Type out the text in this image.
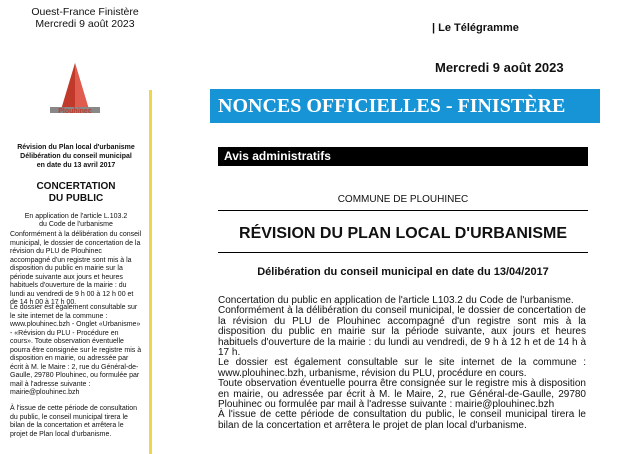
Ouest-France Finistère
Mercredi 9 août 2023
Plouhinec
Révision du Plan local d'urbanisme
Délibération du conseil municipal
en date du 13 avril 2017
CONCERTATION
DU PUBLIC
En application de l'article L.103.2
du Code de l'urbanisme
Conformément à la délibération du conseil municipal, le dossier de concertation de la révision du PLU de Plouhinec accompagné d'un registre sont mis à la disposition du public en mairie sur la période suivante aux jours et heures habituels d'ouverture de la mairie : du lundi au vendredi de 9 h 00 à 12 h 00 et de 14 h 00 à 17 h 00.
Le dossier est également consultable sur le site internet de la commune : www.plouhinec.bzh - Onglet «Urbanisme» - «Révision du PLU - Procédure en cours». Toute observation éventuelle pourra être consignée sur le registre mis à disposition en mairie, ou adressée par écrit à M. le Maire : 2, rue du Général-de-Gaulle, 29780 Plouhinec, ou formulée par mail à l'adresse suivante : mairie@plouhinec.bzh
À l'issue de cette période de consultation du public, le conseil municipal tirera le bilan de la concertation et arrêtera le projet de Plan local d'urbanisme.
| Le Télégramme
Mercredi 9 août 2023
NONCES OFFICIELLES - FINISTÈRE
Avis administratifs
COMMUNE DE PLOUHINEC
RÉVISION DU PLAN LOCAL D'URBANISME
Délibération du conseil municipal en date du 13/04/2017

Concertation du public en application de l'article L103.2 du Code de l'urbanisme.

Conformément à la délibération du conseil municipal, le dossier de concertation de la révision du PLU de Plouhinec accompagné d'un registre sont mis à la disposition du public en mairie sur la période suivante, aux jours et heures habituels d'ouverture de la mairie : du lundi au vendredi, de 9 h à 12 h et de 14 h à 17 h.

Le dossier est également consultable sur le site internet de la commune : www.plouhinec.bzh, urbanisme, révision du PLU, procédure en cours.

Toute observation éventuelle pourra être consignée sur le registre mis à disposition en mairie, ou adressée par écrit à M. le Maire, 2, rue Général-de-Gaulle, 29780 Plouhinec ou formulée par mail à l'adresse suivante : mairie@plouhinec.bzh

À l'issue de cette période de consultation du public, le conseil municipal tirera le bilan de la concertation et arrêtera le projet de plan local d'urbanisme.
